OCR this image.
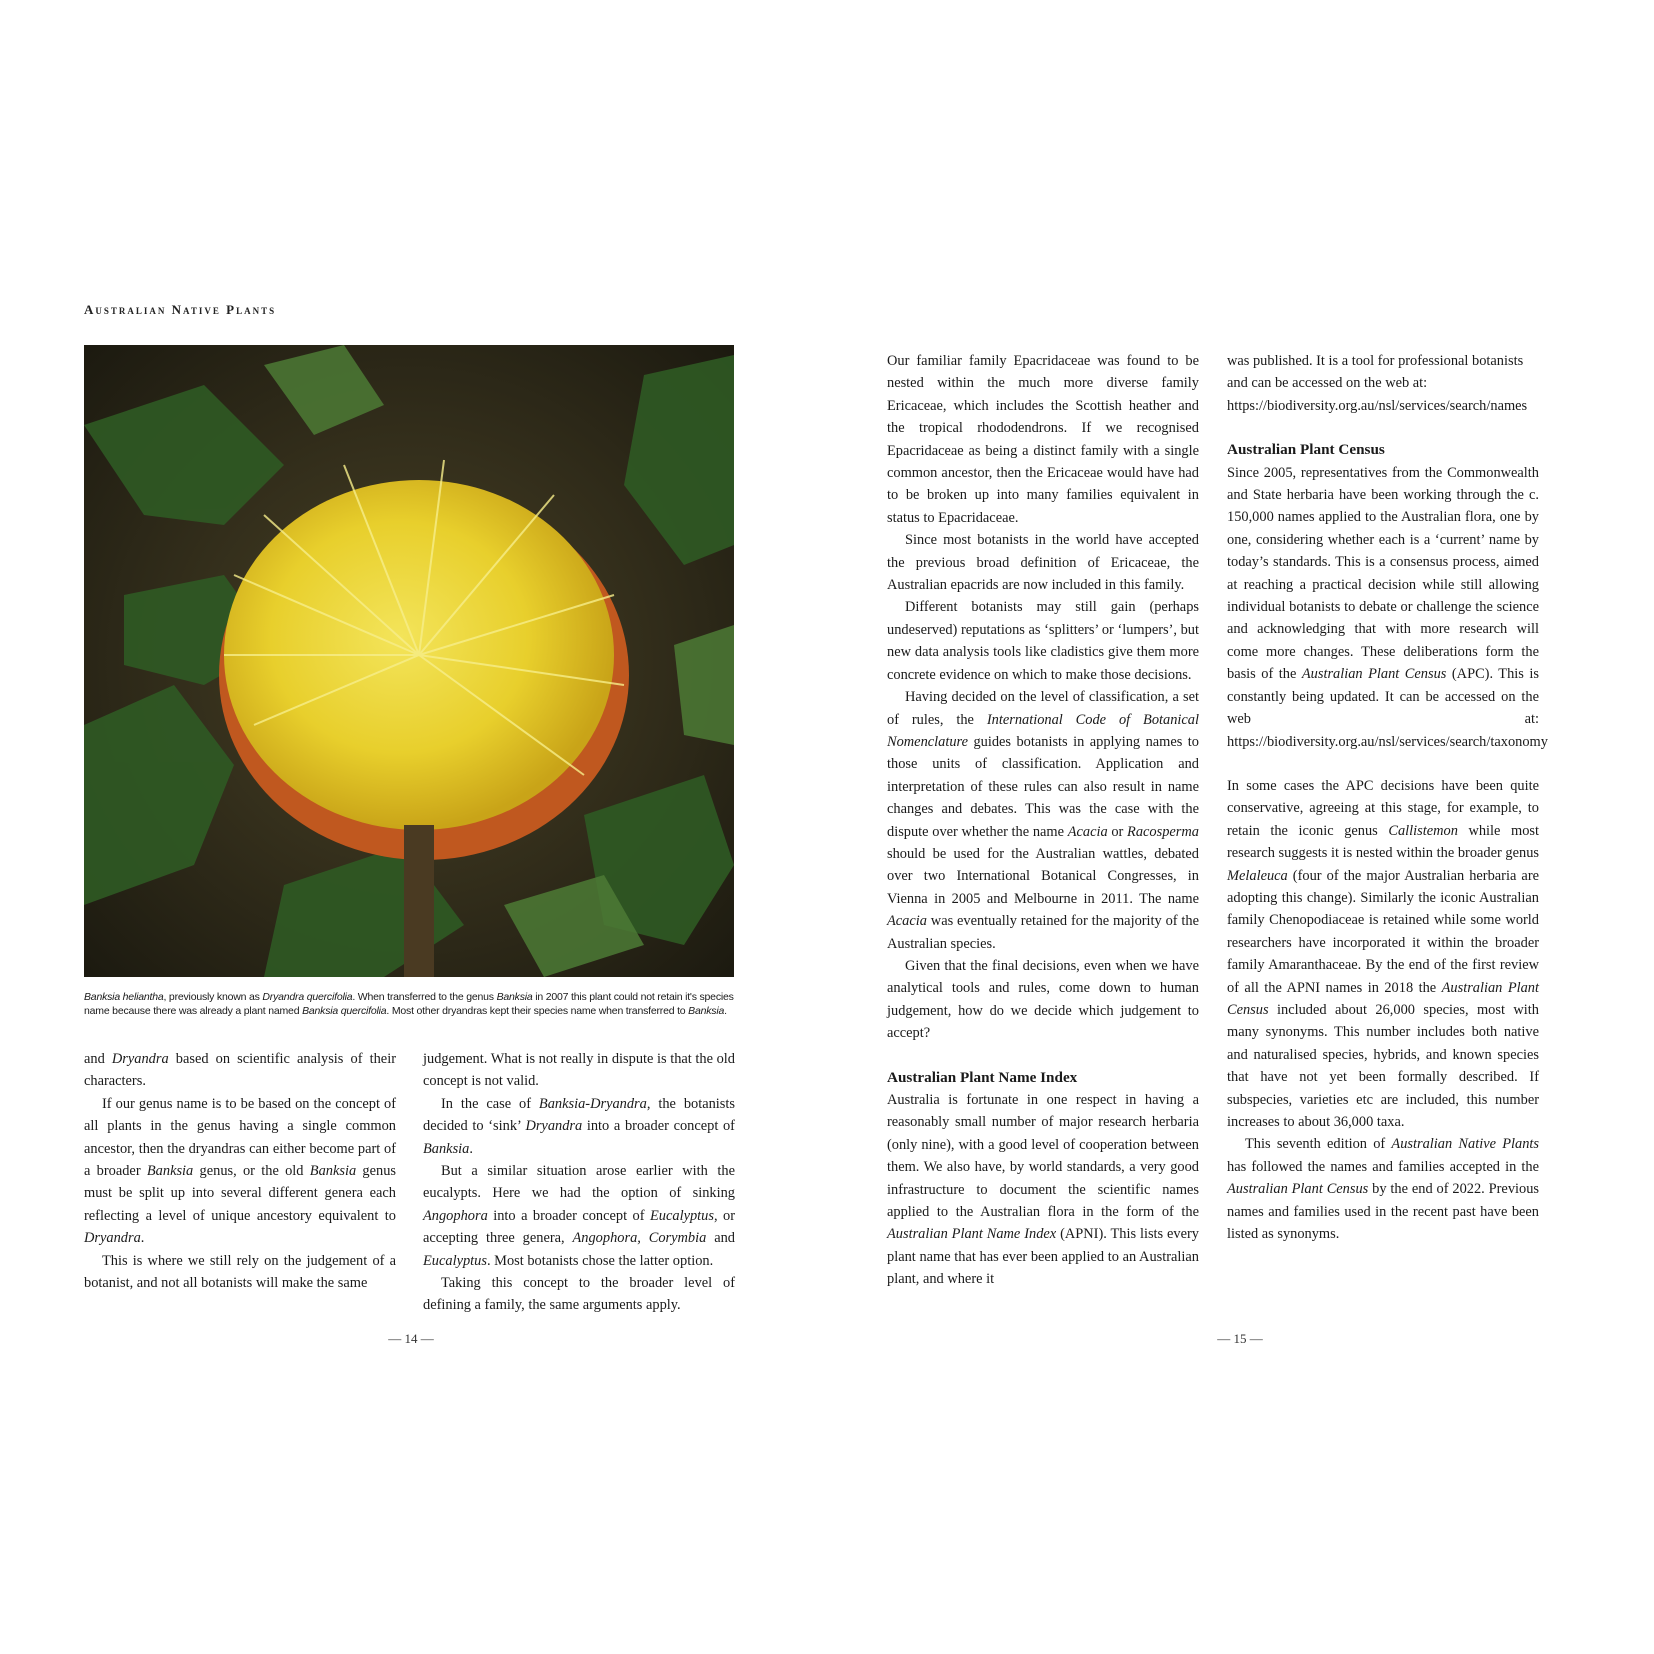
Australian Native Plants
Banksia heliantha, previously known as Dryandra quercifolia. When transferred to the genus Banksia in 2007 this plant could not retain it's species name because there was already a plant named Banksia quercifolia. Most other dryandras kept their species name when transferred to Banksia.

and Dryandra based on scientific analysis of their characters.

If our genus name is to be based on the concept of all plants in the genus having a single common ancestor, then the dryandras can either become part of a broader Banksia genus, or the old Banksia genus must be split up into several different genera each reflecting a level of unique ancestory equivalent to Dryandra.

This is where we still rely on the judgement of a botanist, and not all botanists will make the same

judgement. What is not really in dispute is that the old concept is not valid.

In the case of Banksia-Dryandra, the botanists decided to ‘sink’ Dryandra into a broader concept of Banksia.

But a similar situation arose earlier with the eucalypts. Here we had the option of sinking Angophora into a broader concept of Eucalyptus, or accepting three genera, Angophora, Corymbia and Eucalyptus. Most botanists chose the latter option.

Taking this concept to the broader level of defining a family, the same arguments apply.

— 14 —

Our familiar family Epacridaceae was found to be nested within the much more diverse family Ericaceae, which includes the Scottish heather and the tropical rhododendrons. If we recognised Epacridaceae as being a distinct family with a single common ancestor, then the Ericaceae would have had to be broken up into many families equivalent in status to Epacridaceae.

Since most botanists in the world have accepted the previous broad definition of Ericaceae, the Australian epacrids are now included in this family.

Different botanists may still gain (perhaps undeserved) reputations as ‘splitters’ or ‘lumpers’, but new data analysis tools like cladistics give them more concrete evidence on which to make those decisions.

Having decided on the level of classification, a set of rules, the International Code of Botanical Nomenclature guides botanists in applying names to those units of classification. Application and interpretation of these rules can also result in name changes and debates. This was the case with the dispute over whether the name Acacia or Racosperma should be used for the Australian wattles, debated over two International Botanical Congresses, in Vienna in 2005 and Melbourne in 2011. The name Acacia was eventually retained for the majority of the Australian species.

Given that the final decisions, even when we have analytical tools and rules, come down to human judgement, how do we decide which judgement to accept?

Australian Plant Name Index

Australia is fortunate in one respect in having a reasonably small number of major research herbaria (only nine), with a good level of cooperation between them. We also have, by world standards, a very good infrastructure to document the scientific names applied to the Australian flora in the form of the Australian Plant Name Index (APNI). This lists every plant name that has ever been applied to an Australian plant, and where it

was published. It is a tool for professional botanists and can be accessed on the web at: https://biodiversity.org.au/nsl/services/search/names

Australian Plant Census

Since 2005, representatives from the Commonwealth and State herbaria have been working through the c. 150,000 names applied to the Australian flora, one by one, considering whether each is a ‘current’ name by today’s standards. This is a consensus process, aimed at reaching a practical decision while still allowing individual botanists to debate or challenge the science and acknowledging that with more research will come more changes. These deliberations form the basis of the Australian Plant Census (APC). This is constantly being updated. It can be accessed on the web at: https://biodiversity.org.au/nsl/services/search/taxonomy

In some cases the APC decisions have been quite conservative, agreeing at this stage, for example, to retain the iconic genus Callistemon while most research suggests it is nested within the broader genus Melaleuca (four of the major Australian herbaria are adopting this change). Similarly the iconic Australian family Chenopodiaceae is retained while some world researchers have incorporated it within the broader family Amaranthaceae. By the end of the first review of all the APNI names in 2018 the Australian Plant Census included about 26,000 species, most with many synonyms. This number includes both native and naturalised species, hybrids, and known species that have not yet been formally described. If subspecies, varieties etc are included, this number increases to about 36,000 taxa.

This seventh edition of Australian Native Plants has followed the names and families accepted in the Australian Plant Census by the end of 2022. Previous names and families used in the recent past have been listed as synonyms.

— 15 —
